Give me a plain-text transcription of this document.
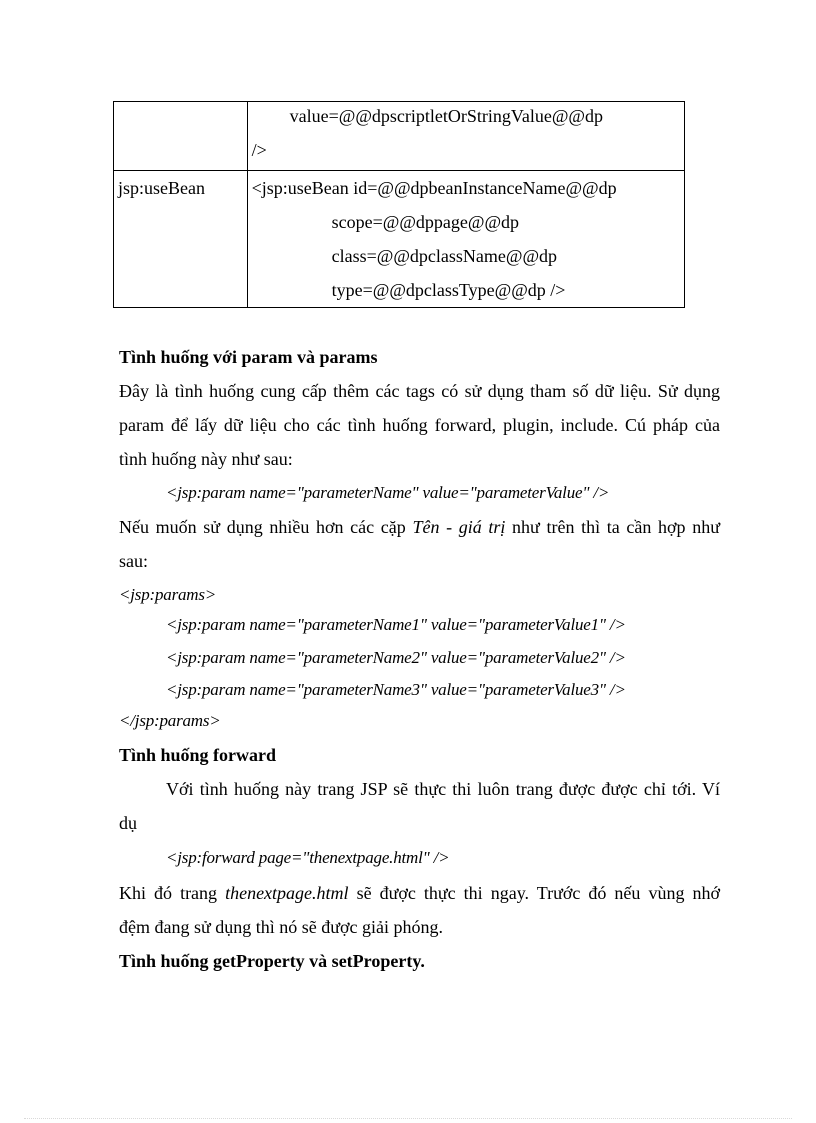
	value=@@dpscriptletOrStringValue@@dp
/>

jsp:useBean	<jsp:useBean id=@@dpbeanInstanceName@@dp
scope=@@dppage@@dp
class=@@dpclassName@@dp
type=@@dpclassType@@dp />
Tình huống với param và params
Đây là tình huống cung cấp thêm các tags có sử dụng tham số dữ liệu. Sử dụng
param để lấy dữ liệu cho các tình huống forward, plugin, include. Cú pháp của
tình huống này như sau:
<jsp:param name="parameterName" value="parameterValue" />
Nếu muốn sử dụng nhiều hơn các cặp Tên - giá trị như trên thì ta cần hợp như
sau:
<jsp:params>
<jsp:param name="parameterName1" value="parameterValue1" />
<jsp:param name="parameterName2" value="parameterValue2" />
<jsp:param name="parameterName3" value="parameterValue3" />
</jsp:params>
Tình huống forward
Với tình huống này trang JSP sẽ thực thi luôn trang được được chỉ tới. Ví
dụ
<jsp:forward page="thenextpage.html" />
Khi đó trang thenextpage.html sẽ được thực thi ngay. Trước đó nếu vùng nhớ
đệm đang sử dụng thì nó sẽ được giải phóng.
Tình huống getProperty và setProperty.
